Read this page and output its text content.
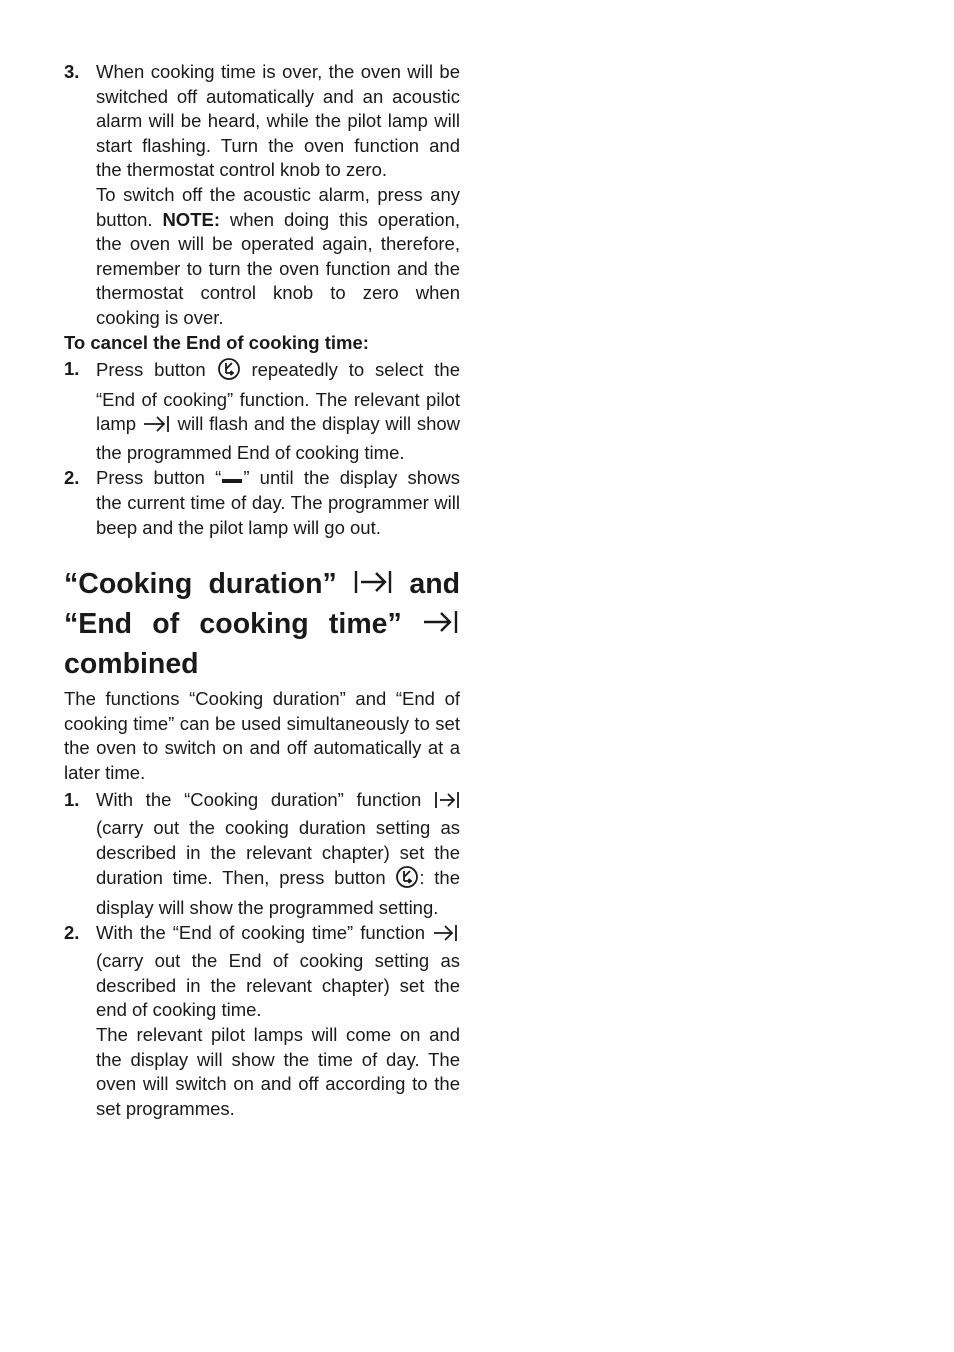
3. When cooking time is over, the oven will be switched off automatically and an acoustic alarm will be heard, while the pilot lamp will start flashing. Turn the oven function and the thermostat control knob to zero.

To switch off the acoustic alarm, press any button. NOTE: when doing this operation, the oven will be operated again, therefore, remember to turn the oven function and the thermostat control knob to zero when cooking is over.

To cancel the End of cooking time:

1. Press button repeatedly to select the “End of cooking” function. The relevant pilot lamp will flash and the display will show the programmed End of cooking time.

2. Press button “ ” until the display shows the current time of day. The programmer will beep and the pilot lamp will go out.

“Cooking duration”	and “End of cooking time”  combined

The functions “Cooking duration” and “End of cooking time” can be used simultaneously to set the oven to switch on and off automatically at a later time.

1. With the “Cooking duration” function  (carry out the cooking duration setting as described in the relevant chapter) set the duration time. Then, press button : the display will show the programmed setting.

2. With the “End of cooking time” function  (carry out the End of cooking setting as described in the relevant chapter) set the end of cooking time.

The relevant pilot lamps will come on and the display will show the time of day. The oven will switch on and off according to the set programmes.
